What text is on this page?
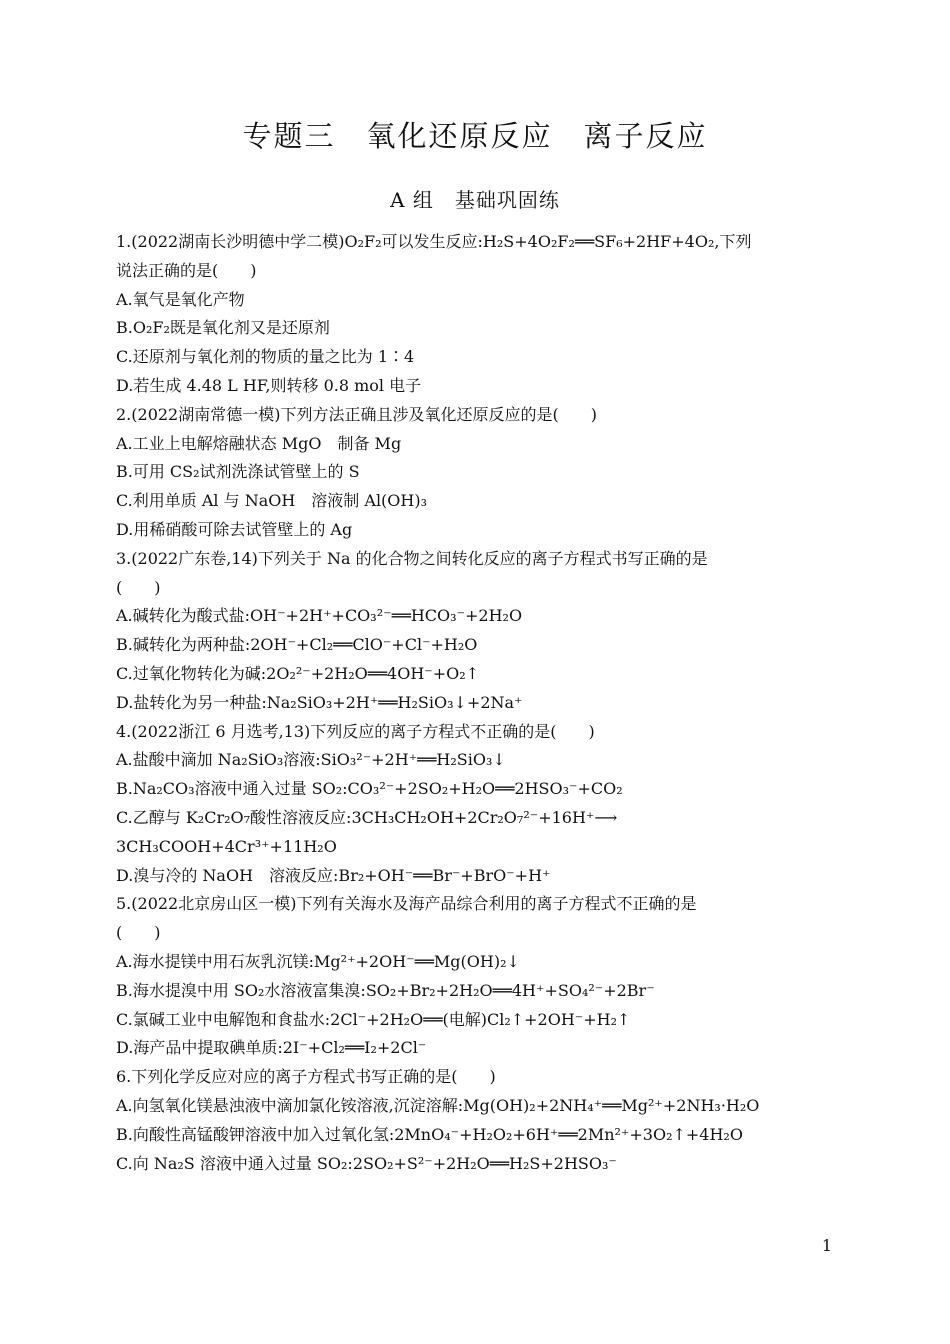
专题三　氧化还原反应　离子反应
A 组　基础巩固练
1.(2022湖南长沙明德中学二模)O₂F₂可以发生反应:H₂S+4O₂F₂══SF₆+2HF+4O₂,下列
说法正确的是(　　)
A.氧气是氧化产物
B.O₂F₂既是氧化剂又是还原剂
C.还原剂与氧化剂的物质的量之比为 1∶4
D.若生成 4.48 L HF,则转移 0.8 mol 电子
2.(2022湖南常德一模)下列方法正确且涉及氧化还原反应的是(　　)
A.工业上电解熔融状态 MgO　制备 Mg
B.可用 CS₂试剂洗涤试管壁上的 S
C.利用单质 Al 与 NaOH　溶液制 Al(OH)₃
D.用稀硝酸可除去试管壁上的 Ag
3.(2022广东卷,14)下列关于 Na 的化合物之间转化反应的离子方程式书写正确的是
(　　)
A.碱转化为酸式盐:OH⁻+2H⁺+CO₃²⁻══HCO₃⁻+2H₂O
B.碱转化为两种盐:2OH⁻+Cl₂══ClO⁻+Cl⁻+H₂O
C.过氧化物转化为碱:2O₂²⁻+2H₂O══4OH⁻+O₂↑
D.盐转化为另一种盐:Na₂SiO₃+2H⁺══H₂SiO₃↓+2Na⁺
4.(2022浙江 6 月选考,13)下列反应的离子方程式不正确的是(　　)
A.盐酸中滴加 Na₂SiO₃溶液:SiO₃²⁻+2H⁺══H₂SiO₃↓
B.Na₂CO₃溶液中通入过量 SO₂:CO₃²⁻+2SO₂+H₂O══2HSO₃⁻+CO₂
C.乙醇与 K₂Cr₂O₇酸性溶液反应:3CH₃CH₂OH+2Cr₂O₇²⁻+16H⁺⟶
3CH₃COOH+4Cr³⁺+11H₂O
D.溴与冷的 NaOH　溶液反应:Br₂+OH⁻══Br⁻+BrO⁻+H⁺
5.(2022北京房山区一模)下列有关海水及海产品综合利用的离子方程式不正确的是
(　　)
A.海水提镁中用石灰乳沉镁:Mg²⁺+2OH⁻══Mg(OH)₂↓
B.海水提溴中用 SO₂水溶液富集溴:SO₂+Br₂+2H₂O══4H⁺+SO₄²⁻+2Br⁻
C.氯碱工业中电解饱和食盐水:2Cl⁻+2H₂O══(电解)Cl₂↑+2OH⁻+H₂↑
D.海产品中提取碘单质:2I⁻+Cl₂══I₂+2Cl⁻
6.下列化学反应对应的离子方程式书写正确的是(　　)
A.向氢氧化镁悬浊液中滴加氯化铵溶液,沉淀溶解:Mg(OH)₂+2NH₄⁺══Mg²⁺+2NH₃·H₂O
B.向酸性高锰酸钾溶液中加入过氧化氢:2MnO₄⁻+H₂O₂+6H⁺══2Mn²⁺+3O₂↑+4H₂O
C.向 Na₂S 溶液中通入过量 SO₂:2SO₂+S²⁻+2H₂O══H₂S+2HSO₃⁻
1
